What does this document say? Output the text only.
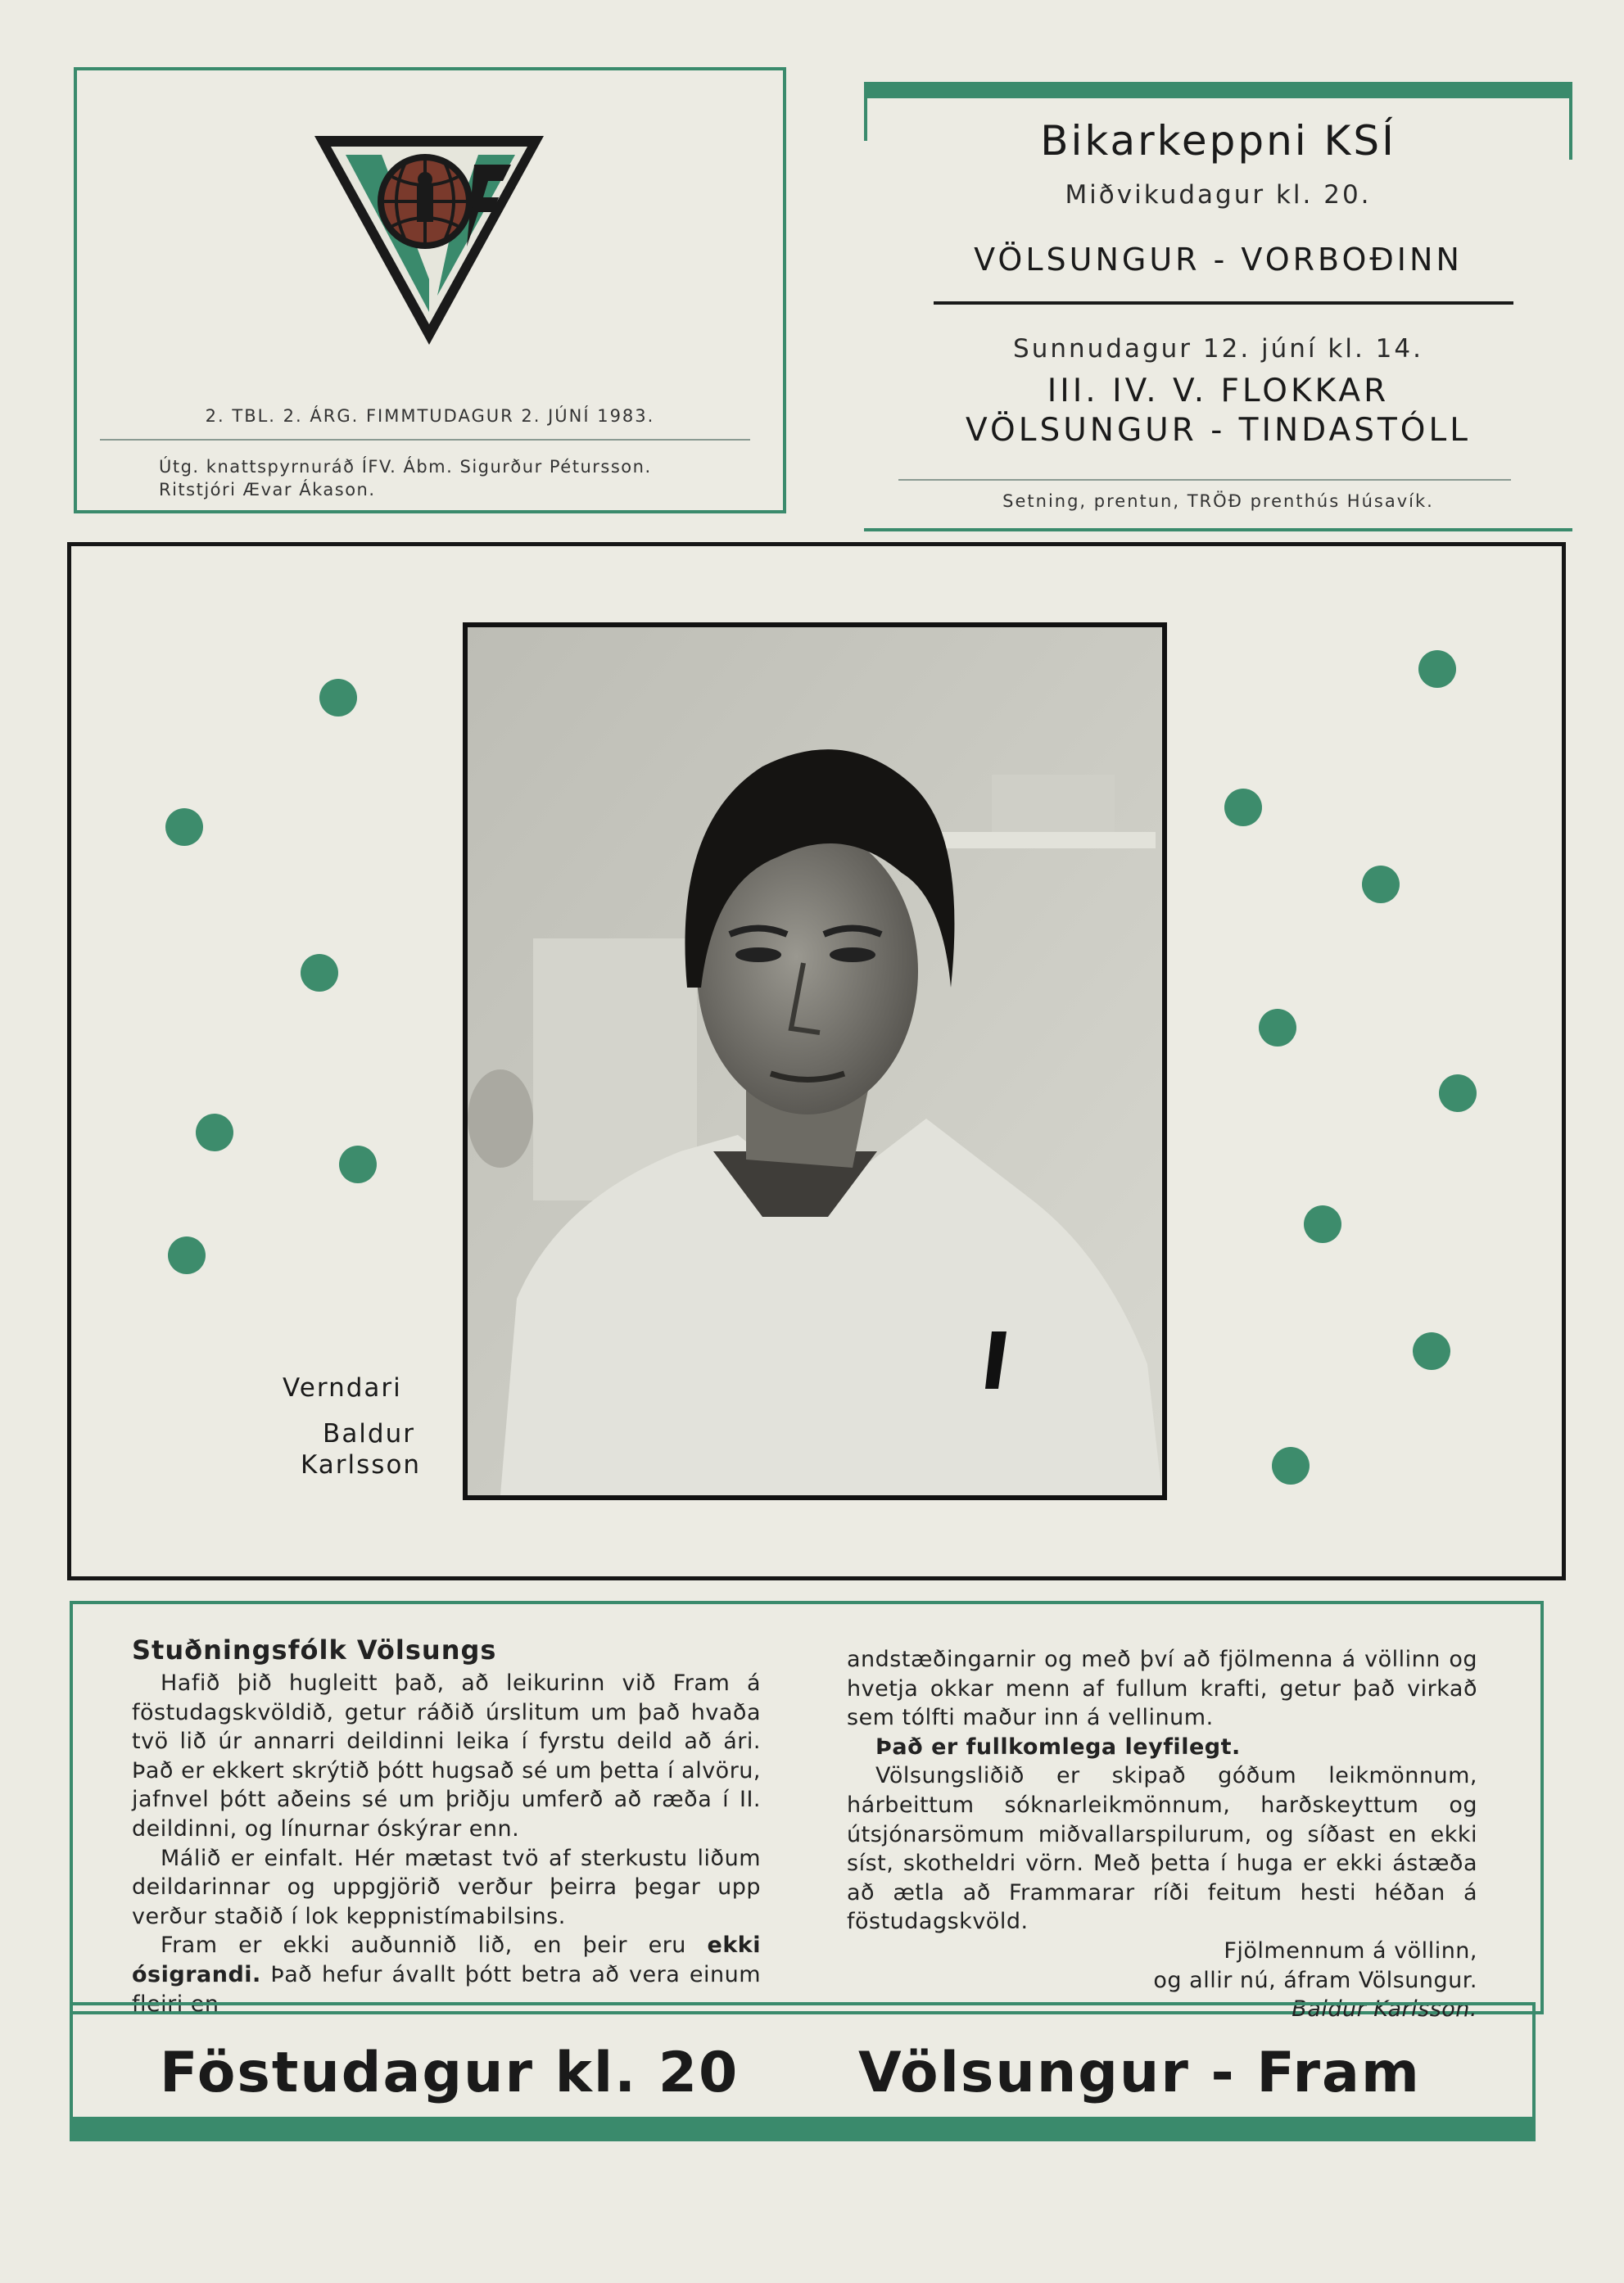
2. TBL. 2. ÁRG. FIMMTUDAGUR 2. JÚNÍ 1983.
Útg. knattspyrnuráð ÍFV. Ábm. Sigurður Pétursson.
Ritstjóri Ævar Ákason.
Bikarkeppni KSÍ
Miðvikudagur kl. 20.
VÖLSUNGUR - VORBOÐINN
Sunnudagur 12. júní kl. 14.
III. IV. V. FLOKKAR
VÖLSUNGUR - TINDASTÓLL
Setning, prentun, TRÖÐ prenthús Húsavík.
Verndari
Baldur
Karlsson
Stuðningsfólk Völsungs

Hafið þið hugleitt það, að leikurinn við Fram á föstudagskvöldið, getur ráðið úrslitum um það hvaða tvö lið úr annarri deildinni leika í fyrstu deild að ári. Það er ekkert skrýtið þótt hugsað sé um þetta í alvöru, jafnvel þótt aðeins sé um þriðju umferð að ræða í II. deildinni, og línurnar óskýrar enn.

Málið er einfalt. Hér mætast tvö af sterkustu liðum deildarinnar og uppgjörið verður þeirra þegar upp verður staðið í lok keppnistímabilsins.

Fram er ekki auðunnið lið, en þeir eru ekki ósigrandi. Það hefur ávallt þótt betra að vera einum fleiri en

andstæðingarnir og með því að fjölmenna á völlinn og hvetja okkar menn af fullum krafti, getur það virkað sem tólfti maður inn á vellinum.

Það er fullkomlega leyfilegt.

Völsungsliðið er skipað góðum leikmönnum, hárbeittum sóknarleikmönnum, harðskeyttum og útsjónarsömum miðvallarspilurum, og síðast en ekki síst, skotheldri vörn. Með þetta í huga er ekki ástæða að ætla að Frammarar ríði feitum hesti héðan á föstudagskvöld.

Fjölmennum á völlinn,

og allir nú, áfram Völsungur.

Baldur Karlsson.

Föstudagur kl. 20 Völsungur - Fram
